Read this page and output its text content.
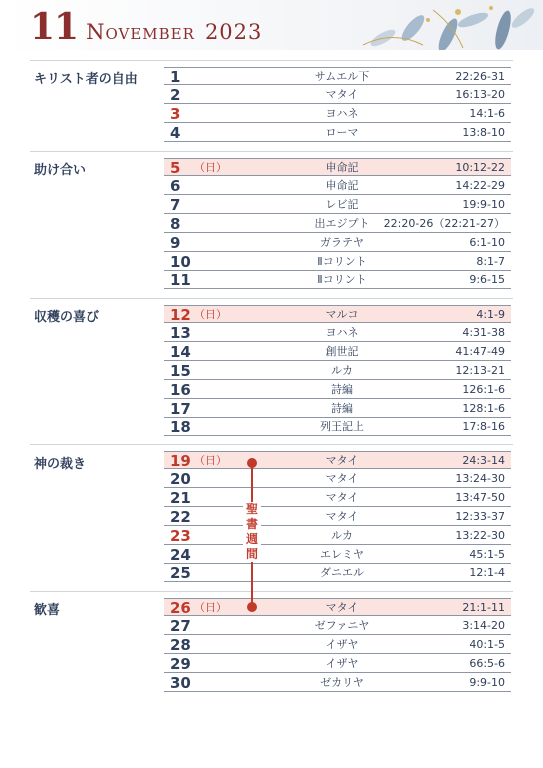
11 November 2023
キリスト者の自由
助け合い
収穫の喜び
神の裁き
歓喜
1	サムエル下	22:26-31
2	マタイ	16:13-20
3	ヨハネ	14:1-6
4	ローマ	13:8-10
5 （日）	申命記	10:12-22
6	申命記	14:22-29
7	レビ記	19:9-10
8	出エジプト	22:20-26（22:21-27）
9	ガラテヤ	6:1-10
10	Ⅱコリント	8:1-7
11	Ⅱコリント	9:6-15
12 （日）	マルコ	4:1-9
13	ヨハネ	4:31-38
14	創世記	41:47-49
15	ルカ	12:13-21
16	詩編	126:1-6
17	詩編	128:1-6
18	列王記上	17:8-16
19 （日）	マタイ	24:3-14
20	マタイ	13:24-30
21	マタイ	13:47-50
22	マタイ	12:33-37
23	ルカ	13:22-30
24	エレミヤ	45:1-5
25	ダニエル	12:1-4
26 （日）	マタイ	21:1-11
27	ゼファニヤ	3:14-20
28	イザヤ	40:1-5
29	イザヤ	66:5-6
30	ゼカリヤ	9:9-10
聖
書
週
間
